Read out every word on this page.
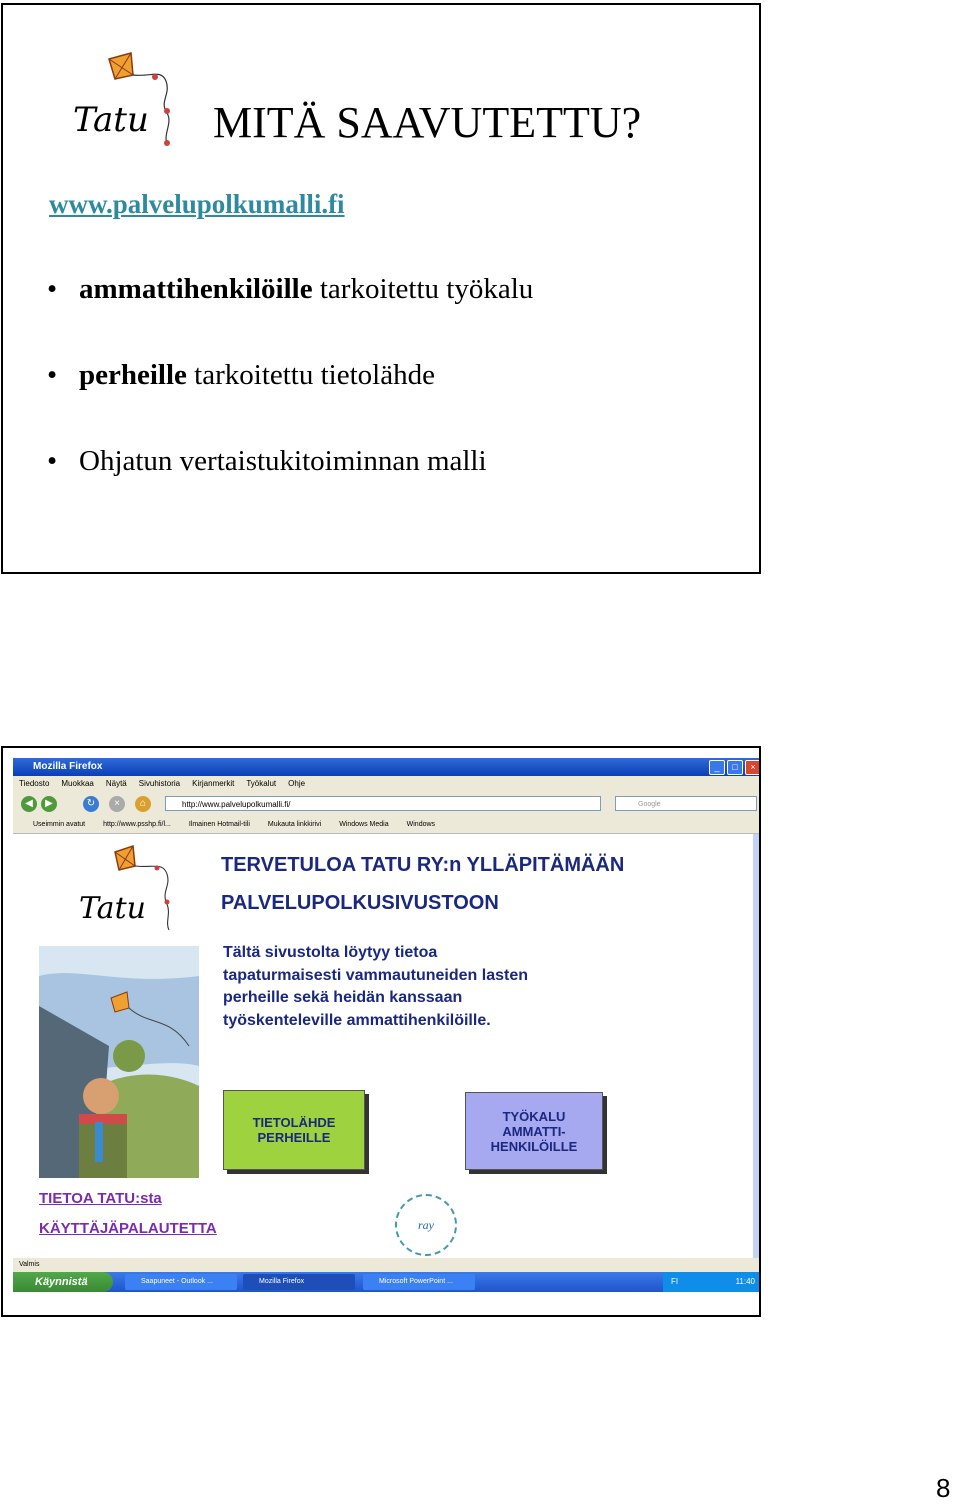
Tatu MITÄ SAAVUTETTU?
www.palvelupolkumalli.fi
• ammattihenkilöille tarkoitettu työkalu
• perheille tarkoitettu tietolähde
• Ohjatun vertaistukitoiminnan malli
Mozilla Firefox	_	□	×
Tiedosto Muokkaa Näytä Sivuhistoria Kirjanmerkit Työkalut Ohje
◀	▶	↻	×	⌂	http://www.palvelupolkumalli.fi/	Google
Useimmin avatut	http://www.psshp.fi/l...	Ilmainen Hotmail-tili	Mukauta linkkirivi	Windows Media	Windows
Tatu
TERVETULOA TATU RY:n YLLÄPITÄMÄÄN
PALVELUPOLKUSIVUSTOON
Tältä sivustolta löytyy tietoa
tapaturmaisesti vammautuneiden lasten
perheille sekä heidän kanssaan
työskenteleville ammattihenkilöille.
TIETOLÄHDE
PERHEILLE
TYÖKALU
AMMATTI-
HENKILÖILLE
TIETOA TATU:sta
KÄYTTÄJÄPALAUTETTA	ray
Valmis
Käynnistä	Saapuneet - Outlook ...	Mozilla Firefox	Microsoft PowerPoint ...	FI	11:40
8
